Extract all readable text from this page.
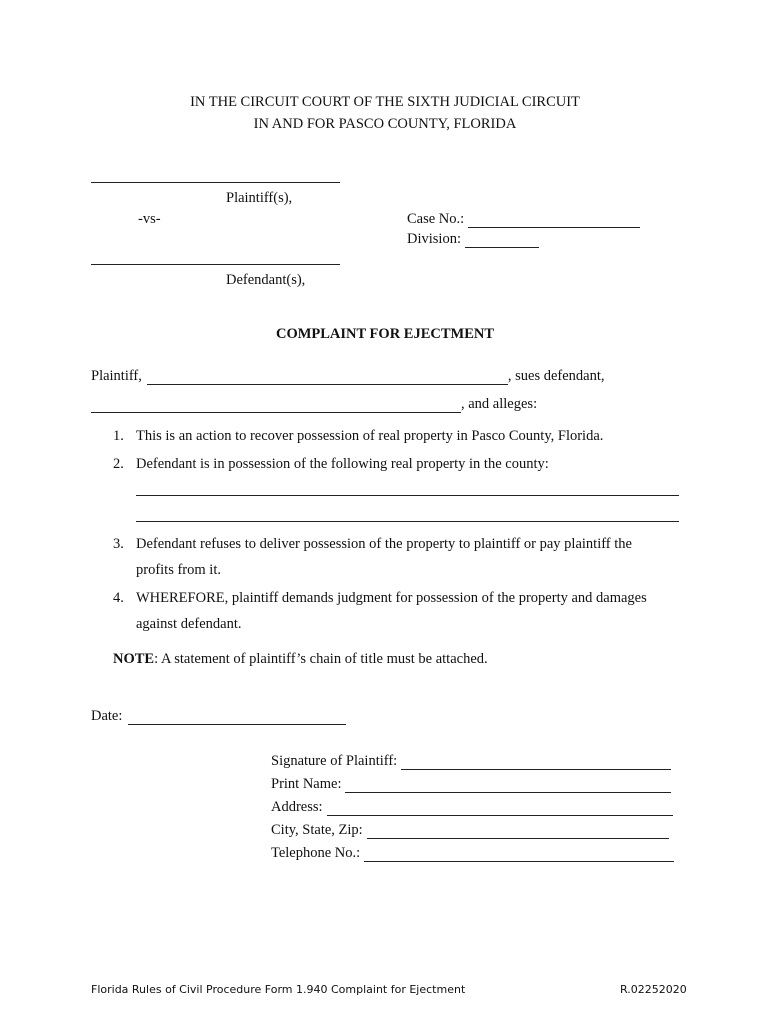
IN THE CIRCUIT COURT OF THE SIXTH JUDICIAL CIRCUIT
IN AND FOR PASCO COUNTY, FLORIDA
Plaintiff(s),
-vs-	Case No.:
Division:
Defendant(s),
COMPLAINT FOR EJECTMENT
Plaintiff,	, sues defendant,
, and alleges:
1. This is an action to recover possession of real property in Pasco County, Florida.
2. Defendant is in possession of the following real property in the county:
3. Defendant refuses to deliver possession of the property to plaintiff or pay plaintiff the
profits from it.
4. WHEREFORE, plaintiff demands judgment for possession of the property and damages
against defendant.
NOTE: A statement of plaintiff’s chain of title must be attached.
Date:
Signature of Plaintiff:
Print Name:
Address:
City, State, Zip:
Telephone No.:
Florida Rules of Civil Procedure Form 1.940 Complaint for Ejectment	R.02252020
